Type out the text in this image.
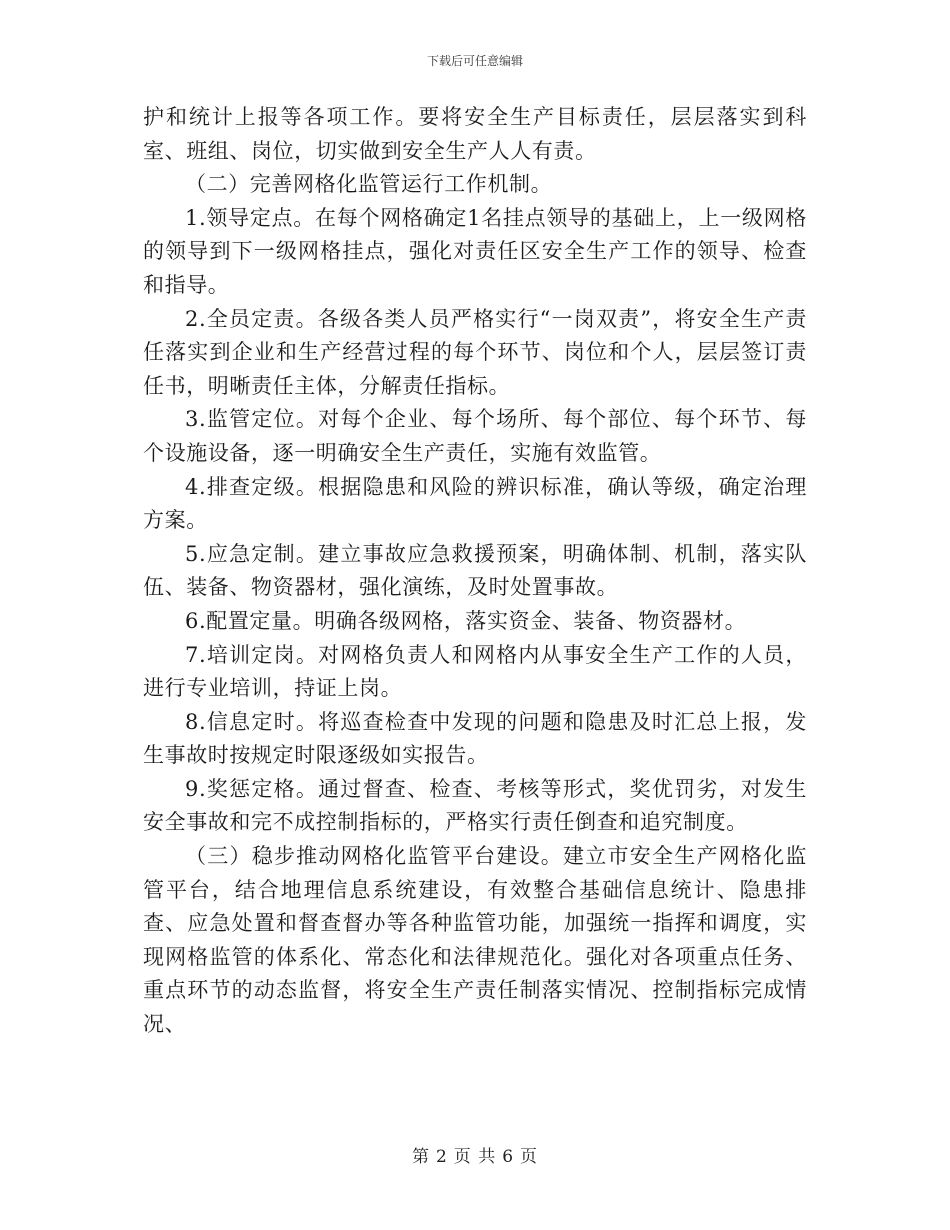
下载后可任意编辑

护和统计上报等各项工作。要将安全生产目标责任，层层落实到科室、班组、岗位，切实做到安全生产人人有责。

（二）完善网格化监管运行工作机制。

1.领导定点。在每个网格确定1名挂点领导的基础上，上一级网格的领导到下一级网格挂点，强化对责任区安全生产工作的领导、检查和指导。

2.全员定责。各级各类人员严格实行“一岗双责”，将安全生产责任落实到企业和生产经营过程的每个环节、岗位和个人，层层签订责任书，明晰责任主体，分解责任指标。

3.监管定位。对每个企业、每个场所、每个部位、每个环节、每个设施设备，逐一明确安全生产责任，实施有效监管。

4.排查定级。根据隐患和风险的辨识标准，确认等级，确定治理方案。

5.应急定制。建立事故应急救援预案，明确体制、机制，落实队伍、装备、物资器材，强化演练，及时处置事故。

6.配置定量。明确各级网格，落实资金、装备、物资器材。

7.培训定岗。对网格负责人和网格内从事安全生产工作的人员，进行专业培训，持证上岗。

8.信息定时。将巡查检查中发现的问题和隐患及时汇总上报，发生事故时按规定时限逐级如实报告。

9.奖惩定格。通过督查、检查、考核等形式，奖优罚劣，对发生安全事故和完不成控制指标的，严格实行责任倒查和追究制度。

（三）稳步推动网格化监管平台建设。建立市安全生产网格化监管平台，结合地理信息系统建设，有效整合基础信息统计、隐患排查、应急处置和督查督办等各种监管功能，加强统一指挥和调度，实现网格监管的体系化、常态化和法律规范化。强化对各项重点任务、重点环节的动态监督，将安全生产责任制落实情况、控制指标完成情况、

第 2 页 共 6 页
